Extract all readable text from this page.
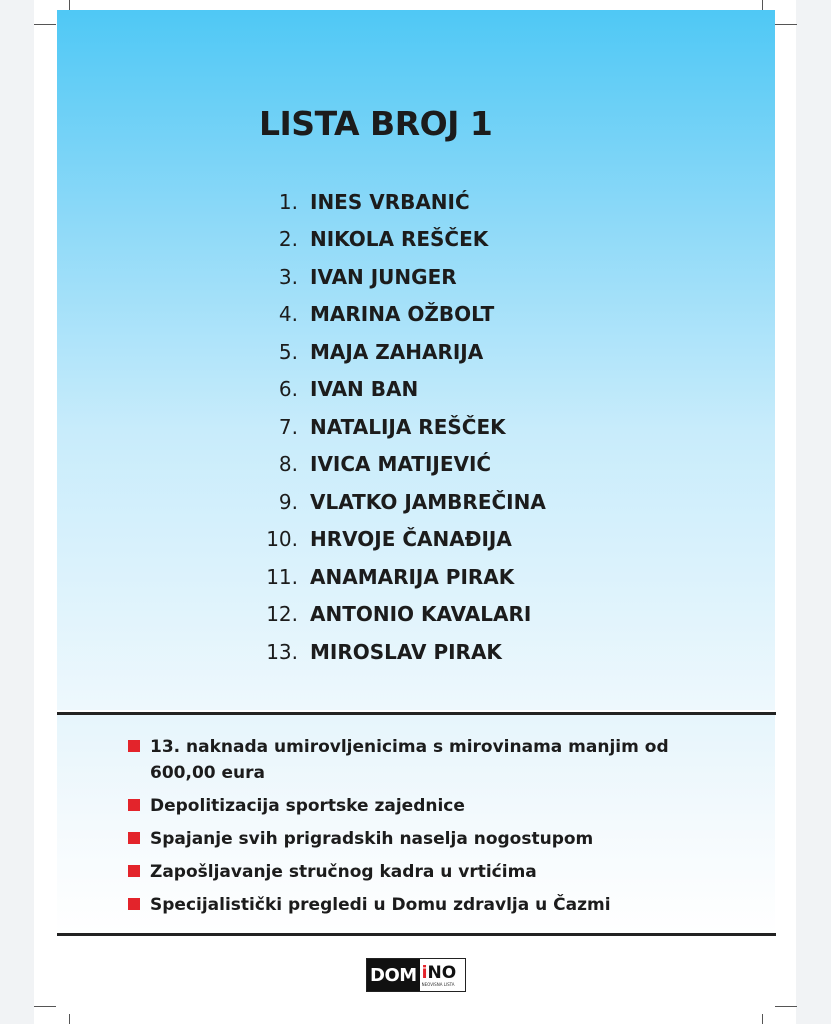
LISTA BROJ 1
1. INES VRBANIĆ
2. NIKOLA REŠČEK
3. IVAN JUNGER
4. MARINA OŽBOLT
5. MAJA ZAHARIJA
6. IVAN BAN
7. NATALIJA REŠČEK
8. IVICA MATIJEVIĆ
9. VLATKO JAMBREČINA
10. HRVOJE ČANAĐIJA
11. ANAMARIJA PIRAK
12. ANTONIO KAVALARI
13. MIROSLAV PIRAK
13. naknada umirovljenicima s mirovinama manjim od 600,00 eura
Depolitizacija sportske zajednice
Spajanje svih prigradskih naselja nogostupom
Zapošljavanje stručnog kadra u vrtićima
Specijalistički pregledi u Domu zdravlja u Čazmi
DOM iNO
NEOVISNA LISTA
